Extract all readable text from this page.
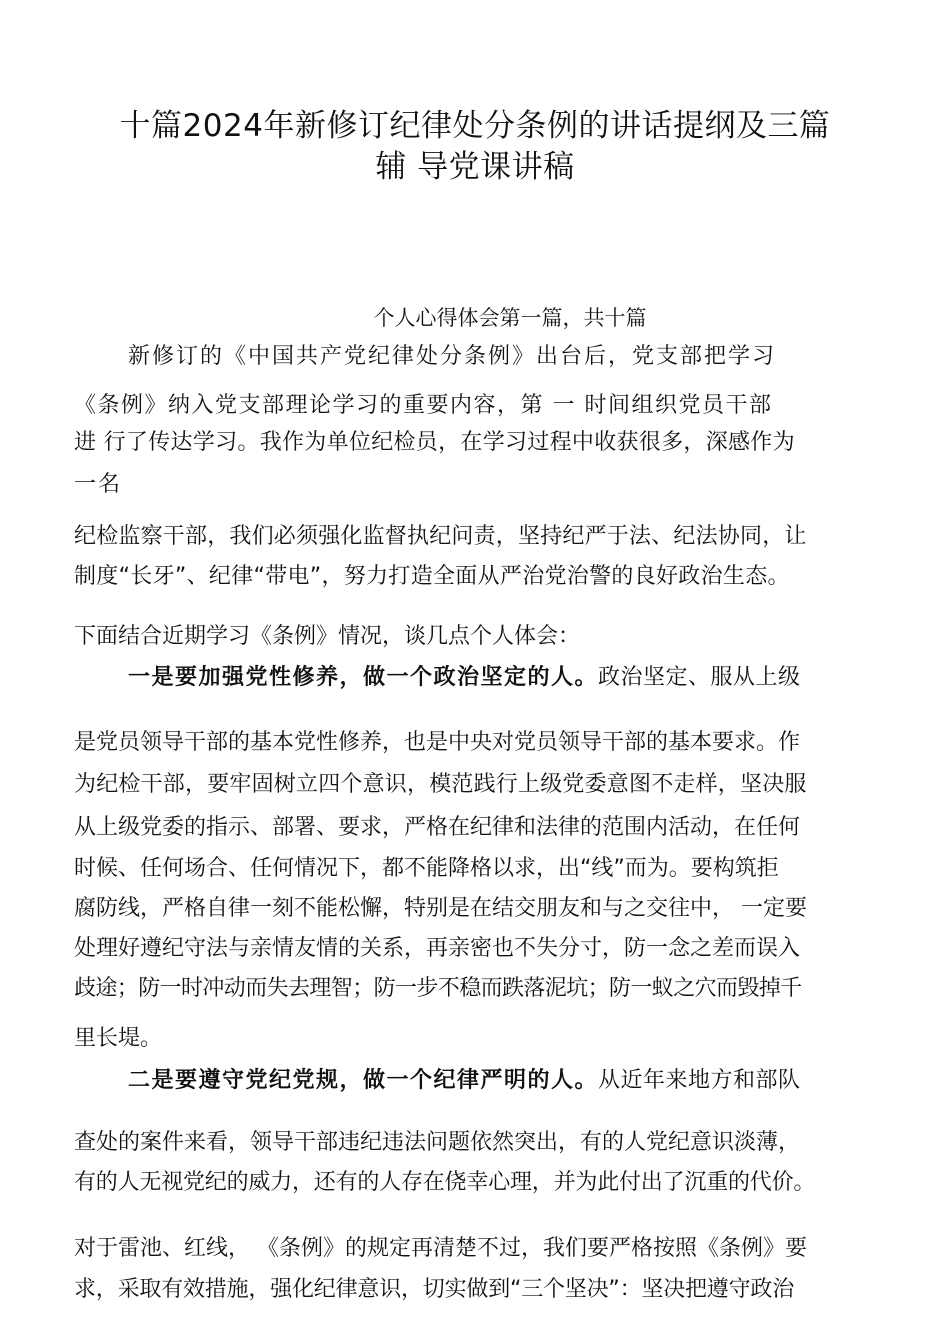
十篇2024年新修订纪律处分条例的讲话提纲及三篇
辅 导党课讲稿
个人心得体会第一篇，共十篇
新修订的《中国共产党纪律处分条例》出台后，党支部把学习
《条例》纳入党支部理论学习的重要内容，第 一 时间组织党员干部
进 行了传达学习。我作为单位纪检员，在学习过程中收获很多，深感作为
一名
纪检监察干部，我们必须强化监督执纪问责，坚持纪严于法、纪法协同，让
制度“长牙”、纪律“带电”，努力打造全面从严治党治警的良好政治生态。
下面结合近期学习《条例》情况，谈几点个人体会：
一是要加强党性修养，做一个政治坚定的人。政治坚定、服从上级
是党员领导干部的基本党性修养，也是中央对党员领导干部的基本要求。作
为纪检干部，要牢固树立四个意识，模范践行上级党委意图不走样，坚决服
从上级党委的指示、部署、要求，严格在纪律和法律的范围内活动，在任何
时候、任何场合、任何情况下，都不能降格以求，出“线”而为。要构筑拒
腐防线，严格自律一刻不能松懈，特别是在结交朋友和与之交往中， 一定要
处理好遵纪守法与亲情友情的关系，再亲密也不失分寸，防一念之差而误入
歧途；防一时冲动而失去理智；防一步不稳而跌落泥坑；防一蚁之穴而毁掉千
里长堤。
二是要遵守党纪党规，做一个纪律严明的人。从近年来地方和部队
查处的案件来看，领导干部违纪违法问题依然突出，有的人党纪意识淡薄，
有的人无视党纪的威力，还有的人存在侥幸心理，并为此付出了沉重的代价。
对于雷池、红线， 《条例》的规定再清楚不过，我们要严格按照《条例》要
求，采取有效措施，强化纪律意识，切实做到“三个坚决”：坚决把遵守政治
